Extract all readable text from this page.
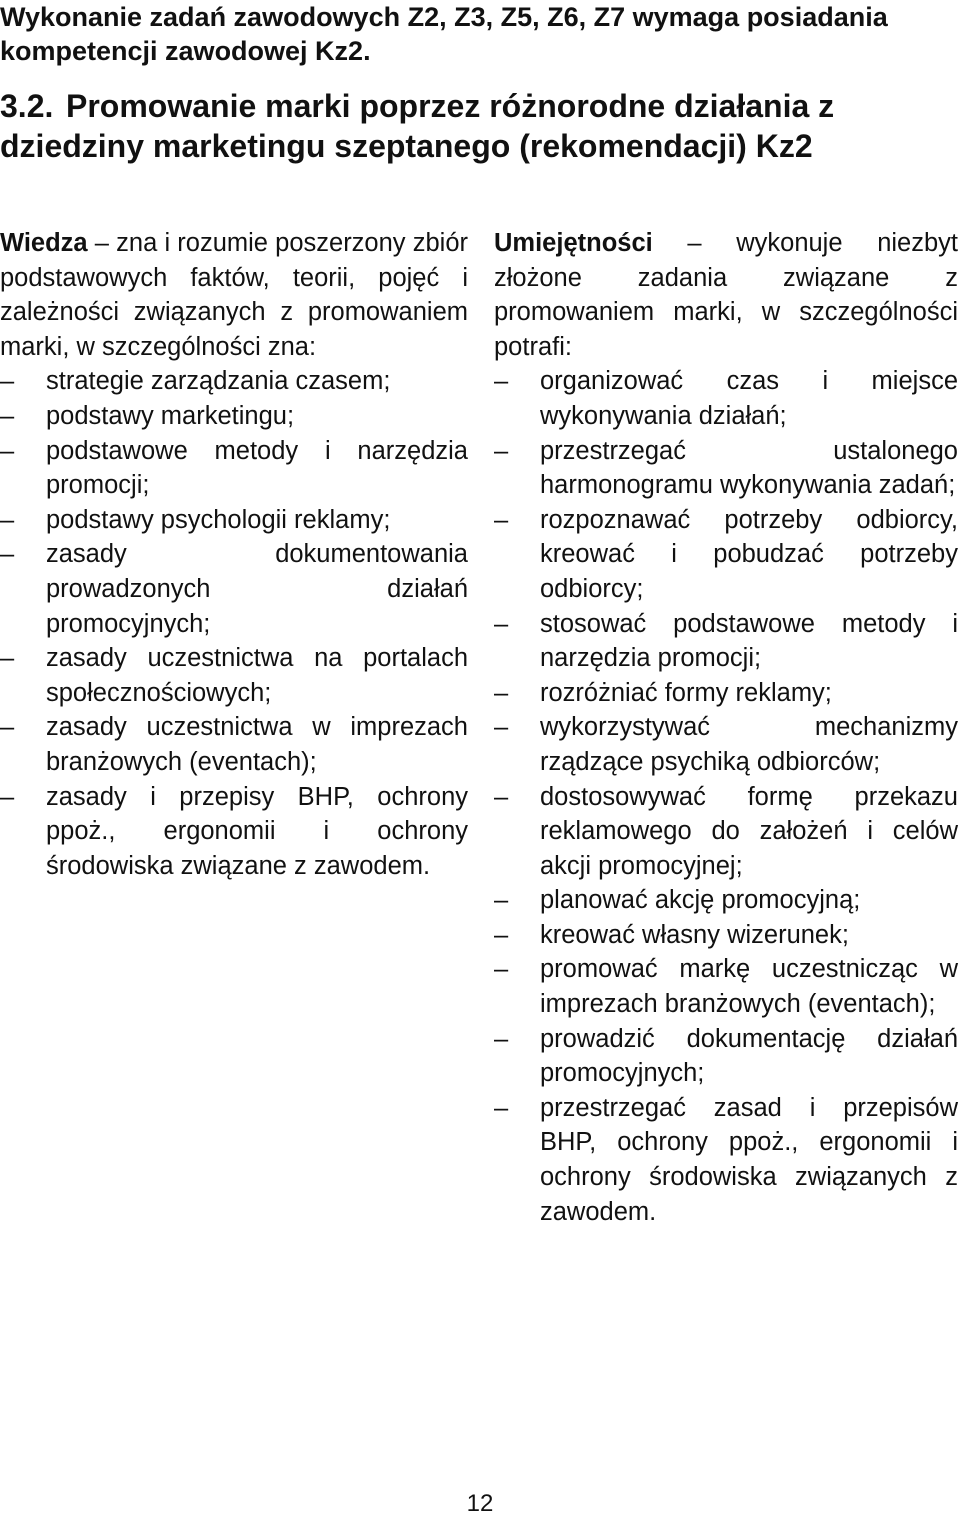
Wykonanie zadań zawodowych Z2, Z3, Z5, Z6, Z7 wymaga posiadania kompetencji zawodowej Kz2.

3.2. Promowanie marki poprzez różnorodne działania z dziedziny marketingu szeptanego (rekomendacji) Kz2

Wiedza – zna i rozumie poszerzony zbiór podstawowych faktów, teorii, pojęć i zależności związanych z promowaniem marki, w szczególności zna:

–	strategie zarządzania czasem;
–	podstawy marketingu;
–	podstawowe metody i narzędzia promocji;
–	podstawy psychologii reklamy;
–	zasady dokumentowania prowadzonych działań promocyjnych;
–	zasady uczestnictwa na portalach społecznościowych;
–	zasady uczestnictwa w imprezach branżowych (eventach);
–	zasady i przepisy BHP, ochrony ppoż., ergonomii i ochrony środowiska związane z zawodem.

Umiejętności – wykonuje niezbyt złożone zadania związane z promowaniem marki, w szczególności potrafi:

–	organizować czas i miejsce wykonywania działań;
–	przestrzegać ustalonego harmonogramu wykonywania zadań;
–	rozpoznawać potrzeby odbiorcy, kreować i pobudzać potrzeby odbiorcy;
–	stosować podstawowe metody i narzędzia promocji;
–	rozróżniać formy reklamy;
–	wykorzystywać mechanizmy rządzące psychiką odbiorców;
–	dostosowywać formę przekazu reklamowego do założeń i celów akcji promocyjnej;
–	planować akcję promocyjną;
–	kreować własny wizerunek;
–	promować markę uczestnicząc w imprezach branżowych (eventach);
–	prowadzić dokumentację działań promocyjnych;
–	przestrzegać zasad i przepisów BHP, ochrony ppoż., ergonomii i ochrony środowiska związanych z zawodem.
12
